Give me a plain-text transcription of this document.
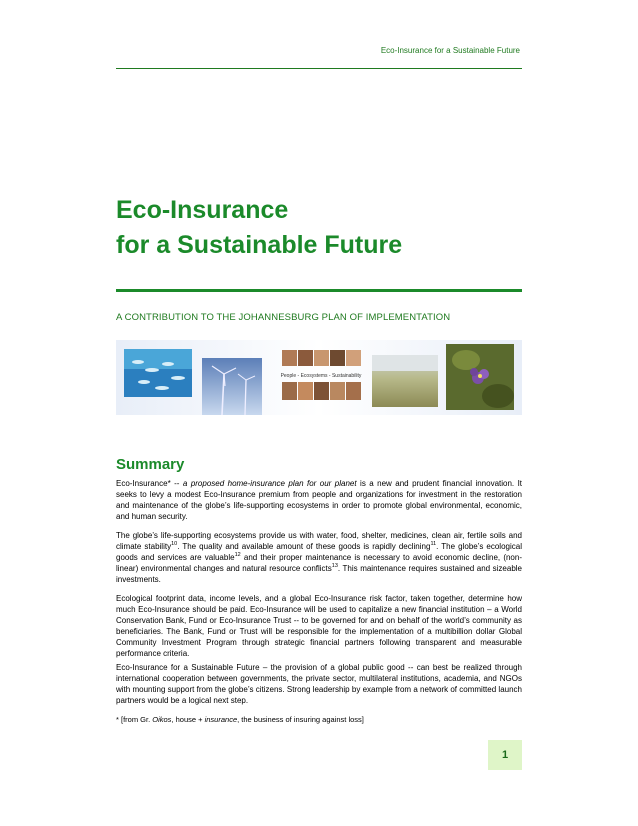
Eco-Insurance for a Sustainable Future
Eco-Insurance
for a Sustainable Future
A CONTRIBUTION TO THE JOHANNESBURG PLAN OF IMPLEMENTATION
People - Ecosystems - Sustainability
Summary
Eco-Insurance* -- a proposed home-insurance plan for our planet is a new and prudent financial innovation. It seeks to levy a modest Eco-Insurance premium from people and organizations for investment in the restoration and maintenance of the globe’s life-supporting ecosystems in order to promote global environmental, economic, and human security.
The globe’s life-supporting ecosystems provide us with water, food, shelter, medicines, clean air, fertile soils and climate stability$^{10}$. The quality and available amount of these goods is rapidly declining$^{11}$. The globe’s ecological goods and services are valuable$^{12}$ and their proper maintenance is necessary to avoid economic decline, (non-linear) environmental changes and natural resource conflicts$^{13}$. This maintenance requires sustained and sizeable investments.
Ecological footprint data, income levels, and a global Eco-Insurance risk factor, taken together, determine how much Eco-Insurance should be paid. Eco-Insurance will be used to capitalize a new financial institution – a World Conservation Bank, Fund or Eco-Insurance Trust -- to be governed for and on behalf of the world’s community as beneficiaries. The Bank, Fund or Trust will be responsible for the implementation of a multibillion dollar Global Community Investment Program through strategic financial partners following transparent and measurable performance criteria.
Eco-Insurance for a Sustainable Future – the provision of a global public good -- can best be realized through international cooperation between governments, the private sector, multilateral institutions, academia, and NGOs with mounting support from the globe’s citizens. Strong leadership by example from a network of committed launch partners would be a logical next step.
* [from Gr. Oikos, house + insurance, the business of insuring against loss]
1
